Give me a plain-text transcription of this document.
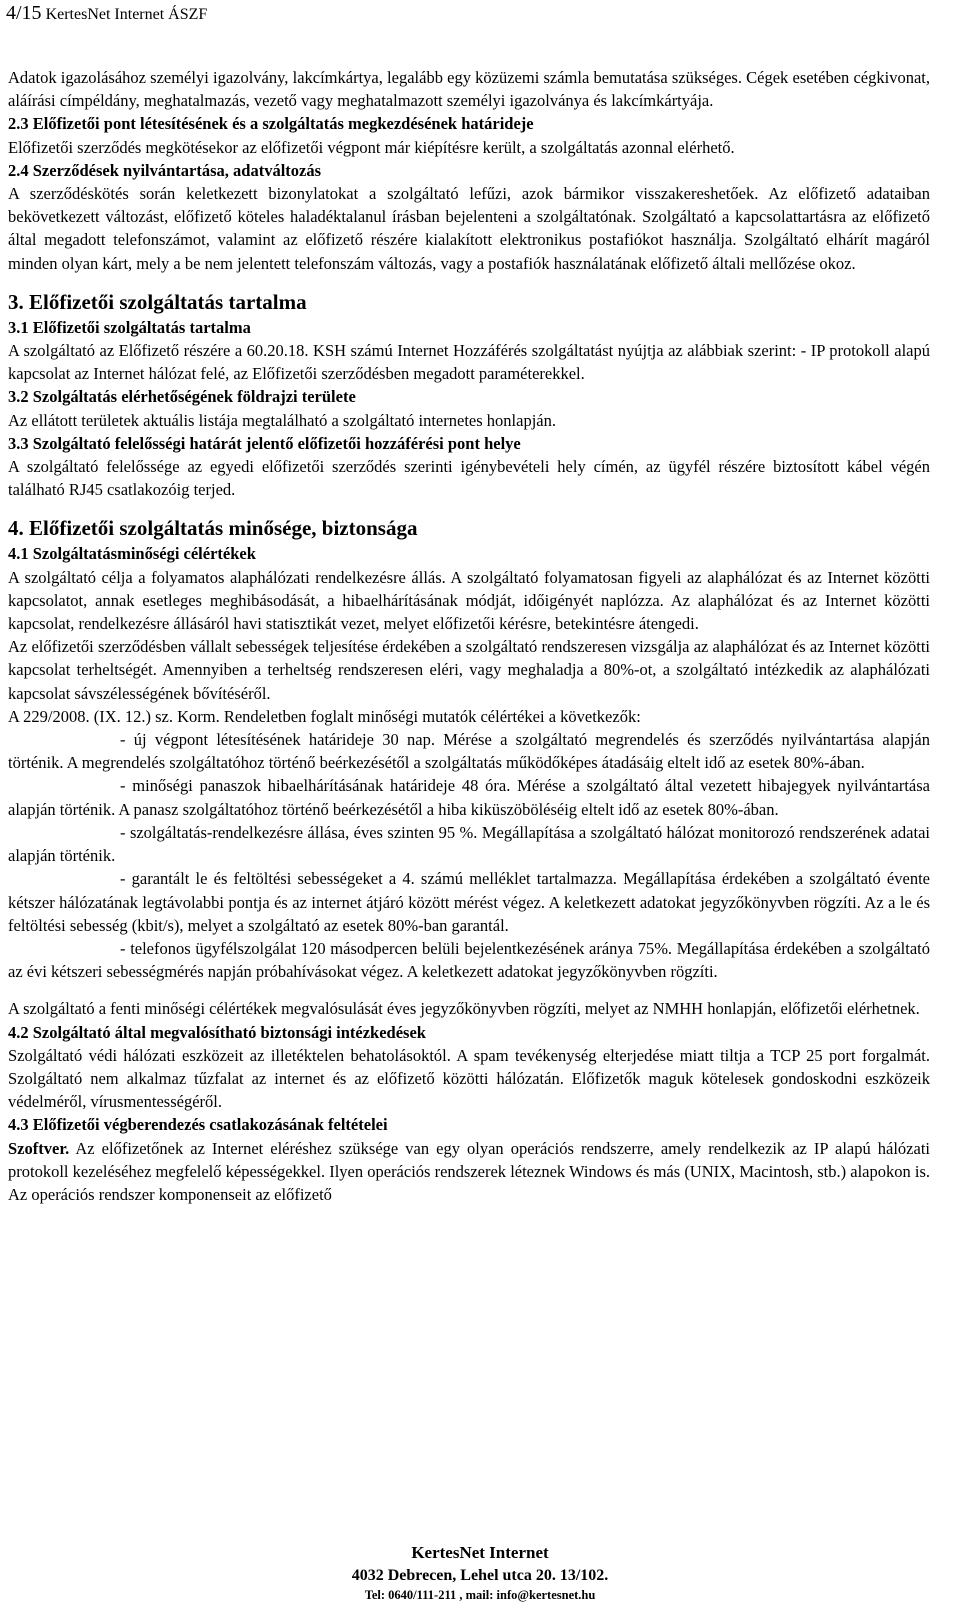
4/15 KertesNet Internet ÁSZF

Adatok igazolásához személyi igazolvány, lakcímkártya, legalább egy közüzemi számla bemutatása szükséges. Cégek esetében cégkivonat, aláírási címpéldány, meghatalmazás, vezető vagy meghatalmazott személyi igazolványa és lakcímkártyája.

2.3 Előfizetői pont létesítésének és a szolgáltatás megkezdésének határideje

Előfizetői szerződés megkötésekor az előfizetői végpont már kiépítésre került, a szolgáltatás azonnal elérhető.

2.4 Szerződések nyilvántartása, adatváltozás

A szerződéskötés során keletkezett bizonylatokat a szolgáltató lefűzi, azok bármikor visszakereshetőek. Az előfizető adataiban bekövetkezett változást, előfizető köteles haladéktalanul írásban bejelenteni a szolgáltatónak. Szolgáltató a kapcsolattartásra az előfizető által megadott telefonszámot, valamint az előfizető részére kialakított elektronikus postafiókot használja. Szolgáltató elhárít magáról minden olyan kárt, mely a be nem jelentett telefonszám változás, vagy a postafiók használatának előfizető általi mellőzése okoz.

3. Előfizetői szolgáltatás tartalma

3.1 Előfizetői szolgáltatás tartalma

A szolgáltató az Előfizető részére a 60.20.18. KSH számú Internet Hozzáférés szolgáltatást nyújtja az alábbiak szerint: - IP protokoll alapú kapcsolat az Internet hálózat felé, az Előfizetői szerződésben megadott paraméterekkel.

3.2 Szolgáltatás elérhetőségének földrajzi területe

Az ellátott területek aktuális listája megtalálható a szolgáltató internetes honlapján.

3.3 Szolgáltató felelősségi határát jelentő előfizetői hozzáférési pont helye

A szolgáltató felelőssége az egyedi előfizetői szerződés szerinti igénybevételi hely címén, az ügyfél részére biztosított kábel végén található RJ45 csatlakozóig terjed.

4. Előfizetői szolgáltatás minősége, biztonsága

4.1 Szolgáltatásminőségi célértékek

A szolgáltató célja a folyamatos alaphálózati rendelkezésre állás. A szolgáltató folyamatosan figyeli az alaphálózat és az Internet közötti kapcsolatot, annak esetleges meghibásodását, a hibaelhárításának módját, időigényét naplózza. Az alaphálózat és az Internet közötti kapcsolat, rendelkezésre állásáról havi statisztikát vezet, melyet előfizetői kérésre, betekintésre átengedi.

Az előfizetői szerződésben vállalt sebességek teljesítése érdekében a szolgáltató rendszeresen vizsgálja az alaphálózat és az Internet közötti kapcsolat terheltségét. Amennyiben a terheltség rendszeresen eléri, vagy meghaladja a 80%-ot, a szolgáltató intézkedik az alaphálózati kapcsolat sávszélességének bővítéséről.

A 229/2008. (IX. 12.) sz. Korm. Rendeletben foglalt minőségi mutatók célértékei a következők:

- új végpont létesítésének határideje 30 nap. Mérése a szolgáltató megrendelés és szerződés nyilvántartása alapján történik. A megrendelés szolgáltatóhoz történő beérkezésétől a szolgáltatás működőképes átadásáig eltelt idő az esetek 80%-ában.

- minőségi panaszok hibaelhárításának határideje 48 óra. Mérése a szolgáltató által vezetett hibajegyek nyilvántartása alapján történik. A panasz szolgáltatóhoz történő beérkezésétől a hiba kiküszöböléséig eltelt idő az esetek 80%-ában.

- szolgáltatás-rendelkezésre állása, éves szinten 95 %. Megállapítása a szolgáltató hálózat monitorozó rendszerének adatai alapján történik.

- garantált le és feltöltési sebességeket a 4. számú melléklet tartalmazza. Megállapítása érdekében a szolgáltató évente kétszer hálózatának legtávolabbi pontja és az internet átjáró között mérést végez. A keletkezett adatokat jegyzőkönyvben rögzíti. Az a le és feltöltési sebesség (kbit/s), melyet a szolgáltató az esetek 80%-ban garantál.

- telefonos ügyfélszolgálat 120 másodpercen belüli bejelentkezésének aránya 75%. Megállapítása érdekében a szolgáltató az évi kétszeri sebességmérés napján próbahívásokat végez. A keletkezett adatokat jegyzőkönyvben rögzíti.

A szolgáltató a fenti minőségi célértékek megvalósulását éves jegyzőkönyvben rögzíti, melyet az NMHH honlapján, előfizetői elérhetnek.

4.2 Szolgáltató által megvalósítható biztonsági intézkedések

Szolgáltató védi hálózati eszközeit az illetéktelen behatolásoktól. A spam tevékenység elterjedése miatt tiltja a TCP 25 port forgalmát. Szolgáltató nem alkalmaz tűzfalat az internet és az előfizető közötti hálózatán. Előfizetők maguk kötelesek gondoskodni eszközeik védelméről, vírusmentességéről.

4.3 Előfizetői végberendezés csatlakozásának feltételei

Szoftver. Az előfizetőnek az Internet eléréshez szüksége van egy olyan operációs rendszerre, amely rendelkezik az IP alapú hálózati protokoll kezeléséhez megfelelő képességekkel. Ilyen operációs rendszerek léteznek Windows és más (UNIX, Macintosh, stb.) alapokon is. Az operációs rendszer komponenseit az előfizető

KertesNet Internet
4032 Debrecen, Lehel utca 20. 13/102.
Tel: 0640/111-211 , mail: info@kertesnet.hu
